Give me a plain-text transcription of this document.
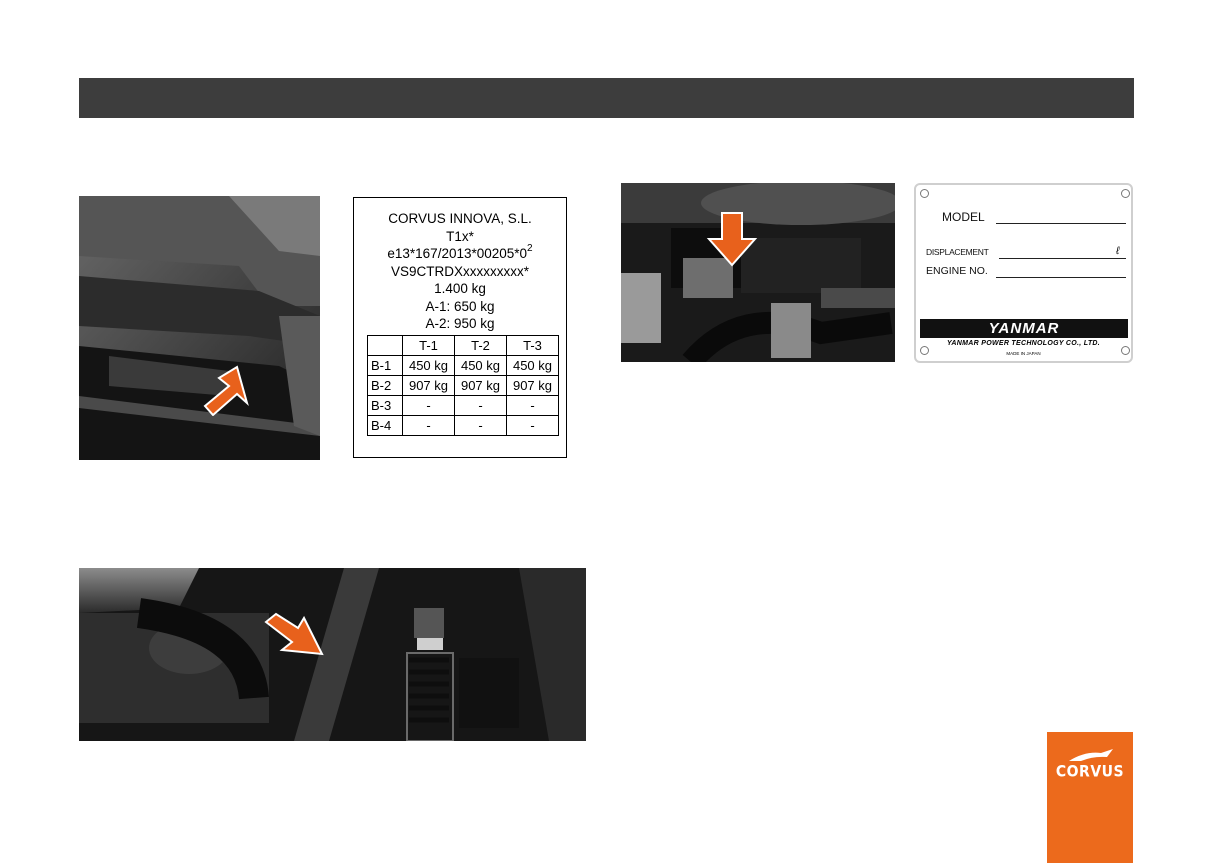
CORVUS INNOVA, S.L.
T1x*
$e13*167/2013*00205*0^2$
VS9CTRDXxxxxxxxxx*
1.400 kg
A-1: 650 kg
A-2: 950 kg
	T-1	T-2	T-3
B-1	450 kg	450 kg	450 kg
B-2	907 kg	907 kg	907 kg
B-3	-	-	-
B-4	-	-	-
MODEL
DISPLACEMENT	ℓ
ENGINE NO.
YANMAR
YANMAR POWER TECHNOLOGY CO., LTD.
MADE IN JAPAN
CORVUS
